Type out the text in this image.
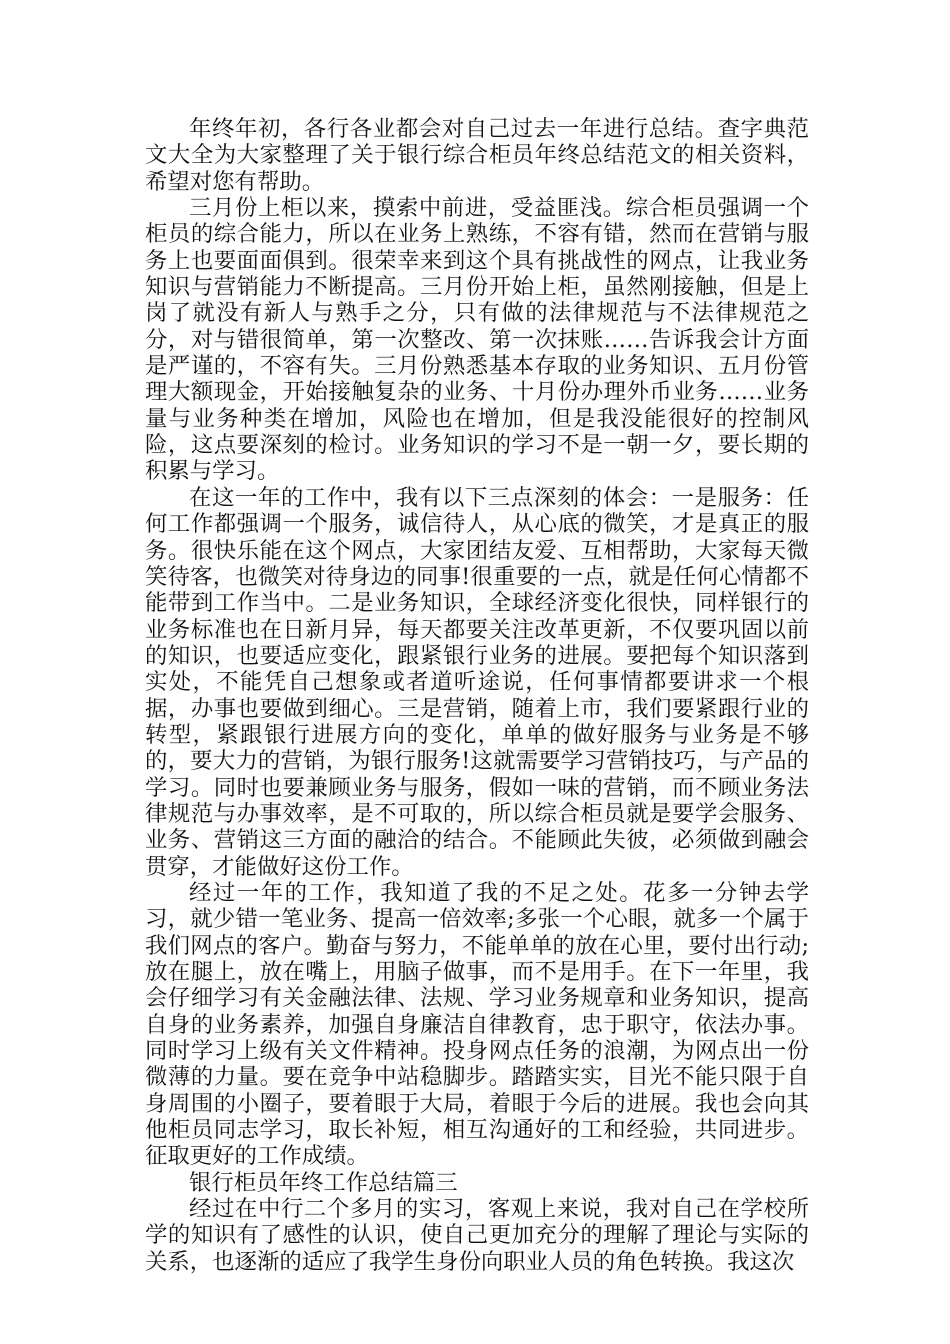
年终年初，各行各业都会对自己过去一年进行总结。查字典范文大全为大家整理了关于银行综合柜员年终总结范文的相关资料，希望对您有帮助。

三月份上柜以来，摸索中前进，受益匪浅。综合柜员强调一个柜员的综合能力，所以在业务上熟练，不容有错，然而在营销与服务上也要面面俱到。很荣幸来到这个具有挑战性的网点，让我业务知识与营销能力不断提高。三月份开始上柜，虽然刚接触，但是上岗了就没有新人与熟手之分，只有做的法律规范与不法律规范之分，对与错很简单，第一次整改、第一次抹账……告诉我会计方面是严谨的，不容有失。三月份熟悉基本存取的业务知识、五月份管理大额现金，开始接触复杂的业务、十月份办理外币业务……业务量与业务种类在增加，风险也在增加，但是我没能很好的控制风险，这点要深刻的检讨。业务知识的学习不是一朝一夕，要长期的积累与学习。

在这一年的工作中，我有以下三点深刻的体会：一是服务：任何工作都强调一个服务，诚信待人，从心底的微笑，才是真正的服务。很快乐能在这个网点，大家团结友爱、互相帮助，大家每天微笑待客，也微笑对待身边的同事!很重要的一点，就是任何心情都不能带到工作当中。二是业务知识，全球经济变化很快，同样银行的业务标准也在日新月异，每天都要关注改革更新，不仅要巩固以前的知识，也要适应变化，跟紧银行业务的进展。要把每个知识落到实处，不能凭自己想象或者道听途说，任何事情都要讲求一个根据，办事也要做到细心。三是营销，随着上市，我们要紧跟行业的转型，紧跟银行进展方向的变化，单单的做好服务与业务是不够的，要大力的营销，为银行服务!这就需要学习营销技巧，与产品的学习。同时也要兼顾业务与服务，假如一味的营销，而不顾业务法律规范与办事效率，是不可取的，所以综合柜员就是要学会服务、业务、营销这三方面的融洽的结合。不能顾此失彼，必须做到融会贯穿，才能做好这份工作。

经过一年的工作，我知道了我的不足之处。花多一分钟去学习，就少错一笔业务、提高一倍效率;多张一个心眼，就多一个属于我们网点的客户。勤奋与努力，不能单单的放在心里，要付出行动;放在腿上，放在嘴上，用脑子做事，而不是用手。在下一年里，我会仔细学习有关金融法律、法规、学习业务规章和业务知识，提高自身的业务素养，加强自身廉洁自律教育，忠于职守，依法办事。同时学习上级有关文件精神。投身网点任务的浪潮，为网点出一份微薄的力量。要在竞争中站稳脚步。踏踏实实，目光不能只限于自身周围的小圈子，要着眼于大局，着眼于今后的进展。我也会向其他柜员同志学习，取长补短，相互沟通好的工和经验，共同进步。征取更好的工作成绩。

银行柜员年终工作总结篇三

经过在中行二个多月的实习，客观上来说，我对自己在学校所学的知识有了感性的认识，使自己更加充分的理解了理论与实际的关系，也逐渐的适应了我学生身份向职业人员的角色转换。我这次
